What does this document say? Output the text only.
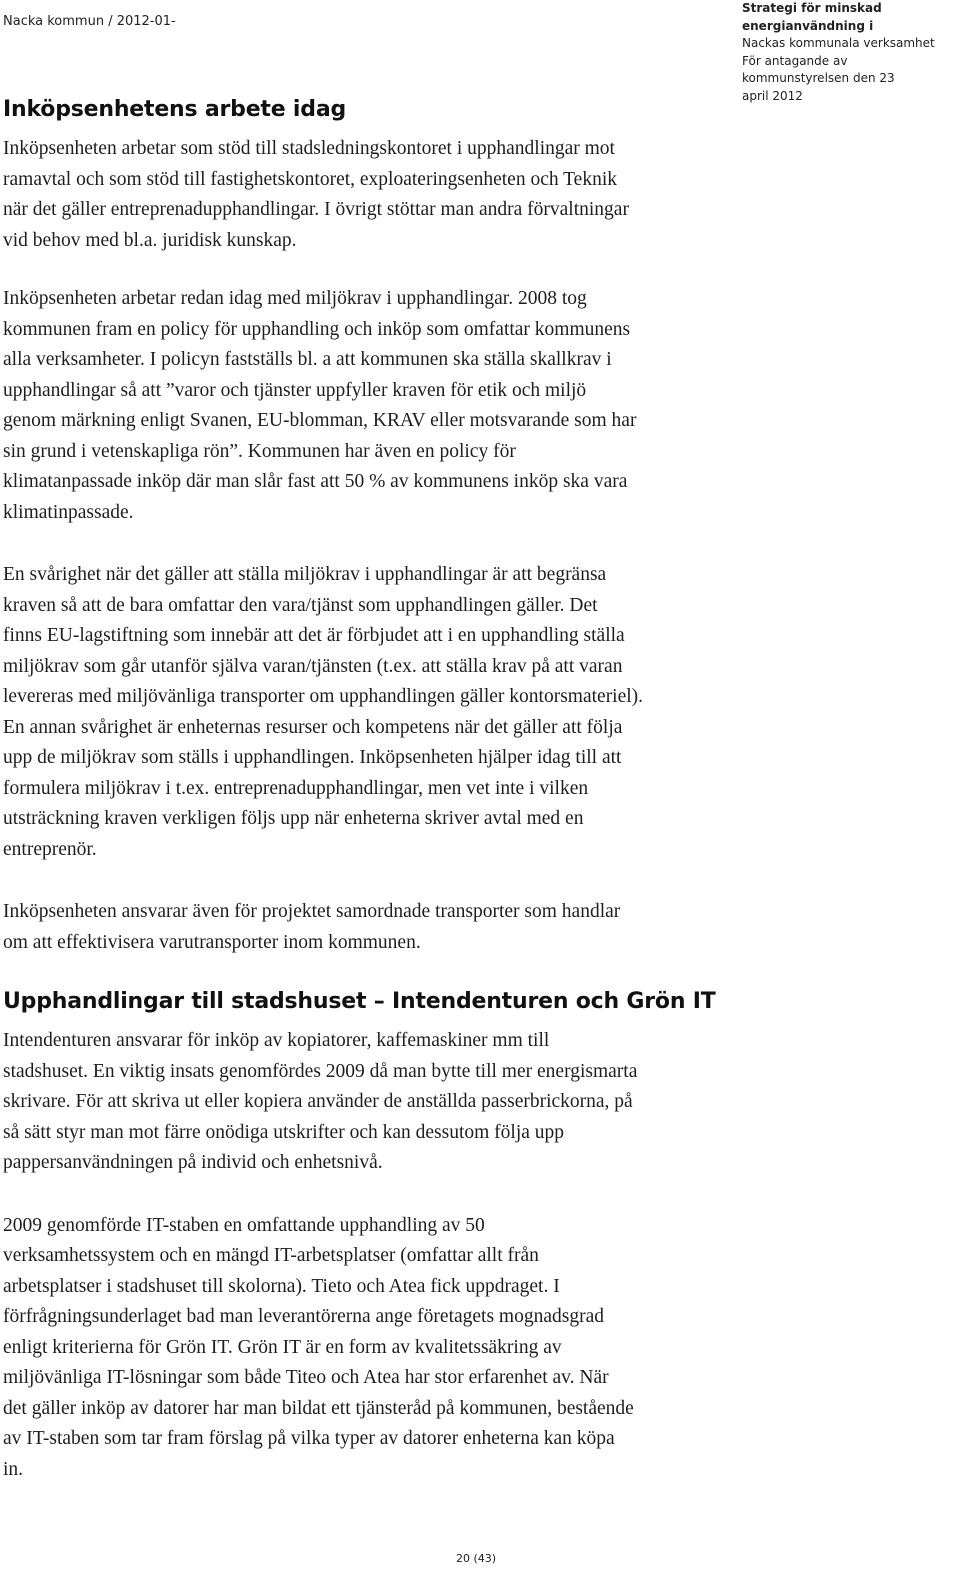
Nacka kommun / 2012-01-
Strategi för minskad energianvändning i
Nackas kommunala verksamhet
För antagande av kommunstyrelsen den 23
april 2012
Inköpsenhetens arbete idag

Inköpsenheten arbetar som stöd till stadsledningskontoret i upphandlingar mot
ramavtal och som stöd till fastighetskontoret, exploateringsenheten och Teknik
när det gäller entreprenadupphandlingar. I övrigt stöttar man andra förvaltningar
vid behov med bl.a. juridisk kunskap.

Inköpsenheten arbetar redan idag med miljökrav i upphandlingar. 2008 tog
kommunen fram en policy för upphandling och inköp som omfattar kommunens
alla verksamheter. I policyn fastställs bl. a att kommunen ska ställa skallkrav i
upphandlingar så att ”varor och tjänster uppfyller kraven för etik och miljö
genom märkning enligt Svanen, EU-blomman, KRAV eller motsvarande som har
sin grund i vetenskapliga rön”. Kommunen har även en policy för
klimatanpassade inköp där man slår fast att 50 % av kommunens inköp ska vara
klimatinpassade.

En svårighet när det gäller att ställa miljökrav i upphandlingar är att begränsa
kraven så att de bara omfattar den vara/tjänst som upphandlingen gäller. Det
finns EU-lagstiftning som innebär att det är förbjudet att i en upphandling ställa
miljökrav som går utanför själva varan/tjänsten (t.ex. att ställa krav på att varan
levereras med miljövänliga transporter om upphandlingen gäller kontorsmateriel).
En annan svårighet är enheternas resurser och kompetens när det gäller att följa
upp de miljökrav som ställs i upphandlingen. Inköpsenheten hjälper idag till att
formulera miljökrav i t.ex. entreprenadupphandlingar, men vet inte i vilken
utsträckning kraven verkligen följs upp när enheterna skriver avtal med en
entreprenör.

Inköpsenheten ansvarar även för projektet samordnade transporter som handlar
om att effektivisera varutransporter inom kommunen.

Upphandlingar till stadshuset – Intendenturen och Grön IT

Intendenturen ansvarar för inköp av kopiatorer, kaffemaskiner mm till
stadshuset. En viktig insats genomfördes 2009 då man bytte till mer energismarta
skrivare. För att skriva ut eller kopiera använder de anställda passerbrickorna, på
så sätt styr man mot färre onödiga utskrifter och kan dessutom följa upp
pappersanvändningen på individ och enhetsnivå.

2009 genomförde IT-staben en omfattande upphandling av 50
verksamhetssystem och en mängd IT-arbetsplatser (omfattar allt från
arbetsplatser i stadshuset till skolorna). Tieto och Atea fick uppdraget. I
förfrågningsunderlaget bad man leverantörerna ange företagets mognadsgrad
enligt kriterierna för Grön IT. Grön IT är en form av kvalitetssäkring av
miljövänliga IT-lösningar som både Titeo och Atea har stor erfarenhet av. När
det gäller inköp av datorer har man bildat ett tjänsteråd på kommunen, bestående
av IT-staben som tar fram förslag på vilka typer av datorer enheterna kan köpa
in.

20 (43)
